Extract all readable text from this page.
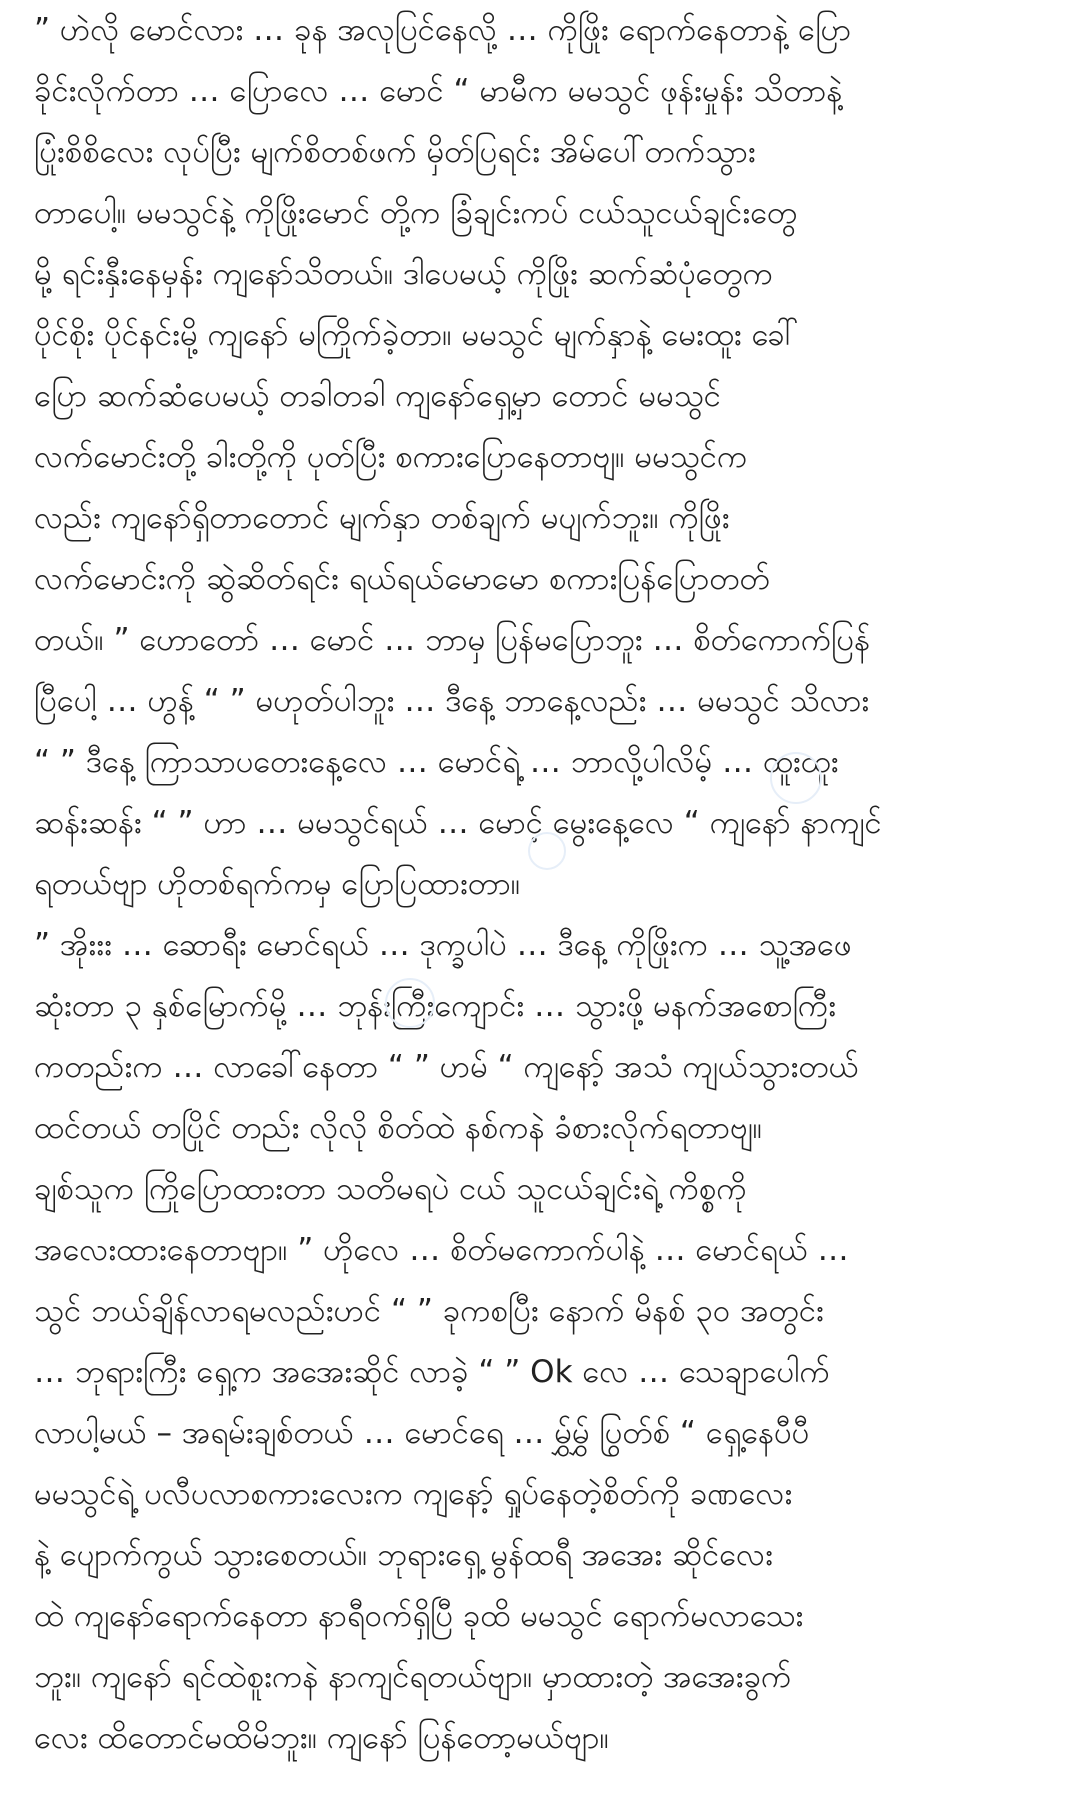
” ဟဲလို မောင်လား … ခုန အလုပြင်နေလို့ … ကိုဖြိုး ရောက်နေတာနဲ့ ပြော
ခိုင်းလိုက်တာ … ပြောလေ … မောင် “ မာမီက မမသွင် ဖုန်းမှုန်း သိတာနဲ့
ပြုံးစိစိလေး လုပ်ပြီး မျက်စိတစ်ဖက် မှိတ်ပြရင်း အိမ်ပေါ်တက်သွား
တာပေါ့။ မမသွင်နဲ့ ကိုဖြိုးမောင် တို့က ခြံချင်းကပ် ငယ်သူငယ်ချင်းတွေ
မို့ ရင်းနှီးနေမှန်း ကျနော်သိတယ်။ ဒါပေမယ့် ကိုဖြိုး ဆက်ဆံပုံတွေက
ပိုင်စိုး ပိုင်နင်းမို့ ကျနော် မကြိုက်ခဲ့တာ။ မမသွင် မျက်နှာနဲ့ မေးထူး ခေါ်
ပြော ဆက်ဆံပေမယ့် တခါတခါ ကျနော်ရှေ့မှာ တောင် မမသွင်
လက်မောင်းတို့ ခါးတို့ကို ပုတ်ပြီး စကားပြောနေတာဗျ။ မမသွင်က
လည်း ကျနော်ရှိတာတောင် မျက်နှာ တစ်ချက် မပျက်ဘူး။ ကိုဖြိုး
လက်မောင်းကို ဆွဲဆိတ်ရင်း ရယ်ရယ်မောမော စကားပြန်ပြောတတ်
တယ်။ ” ဟောတော် … မောင် … ဘာမှ ပြန်မပြောဘူး … စိတ်ကောက်ပြန်
ပြီပေါ့ … ဟွန့် “ ” မဟုတ်ပါဘူး … ဒီနေ့ ဘာနေ့လည်း … မမသွင် သိလား
“ ” ဒီနေ့ ကြာသာပတေးနေ့လေ … မောင်ရဲ့ … ဘာလို့ပါလိမ့် … ထူးထူး
ဆန်းဆန်း “ ” ဟာ … မမသွင်ရယ် … မောင့် မွေးနေ့လေ “ ကျနော် နာကျင်
ရတယ်ဗျာ ဟိုတစ်ရက်ကမှ ပြောပြထားတာ။
” အိုးးး … ဆောရီး မောင်ရယ် … ဒုက္ခပါပဲ … ဒီနေ့ ကိုဖြိုးက … သူ့အဖေ
ဆုံးတာ ၃ နှစ်မြောက်မို့ … ဘုန်းကြီးကျောင်း … သွားဖို့ မနက်အစောကြီး
ကတည်းက … လာခေါ်နေတာ “ ” ဟမ် “ ကျနော့် အသံ ကျယ်သွားတယ်
ထင်တယ် တပြိုင် တည်း လိုလို စိတ်ထဲ နစ်ကနဲ ခံစားလိုက်ရတာဗျ။
ချစ်သူက ကြိုပြောထားတာ သတိမရပဲ ငယ် သူငယ်ချင်းရဲ့ ကိစ္စကို
အလေးထားနေတာဗျာ။ ” ဟိုလေ … စိတ်မကောက်ပါနဲ့ … မောင်ရယ် …
သွင် ဘယ်ချိန်လာရမလည်းဟင် “ ” ခုကစပြီး နောက် မိနစ် ၃၀ အတွင်း
… ဘုရားကြီး ရှေ့က အအေးဆိုင် လာခဲ့ “ ” Ok လေ … သေချာပေါက်
လာပါ့မယ် – အရမ်းချစ်တယ် … မောင်ရေ … မွှ်မွှ် ပြွတ်စ် “ ရှေ့နေပီပီ
မမသွင်ရဲ့ ပလီပလာစကားလေးက ကျနော့် ရှုပ်နေတဲ့စိတ်ကို ခဏလေး
နဲ့ ပျောက်ကွယ် သွားစေတယ်။ ဘုရားရှေ့ မွန်ထရီ အအေး ဆိုင်လေး
ထဲ ကျနော်ရောက်နေတာ နာရီဝက်ရှိပြီ ခုထိ မမသွင် ရောက်မလာသေး
ဘူး။ ကျနော် ရင်ထဲစူးကနဲ နာကျင်ရတယ်ဗျာ။ မှာထားတဲ့ အအေးခွက်
လေး ထိတောင်မထိမိဘူး။ ကျနော် ပြန်တော့မယ်ဗျာ။
